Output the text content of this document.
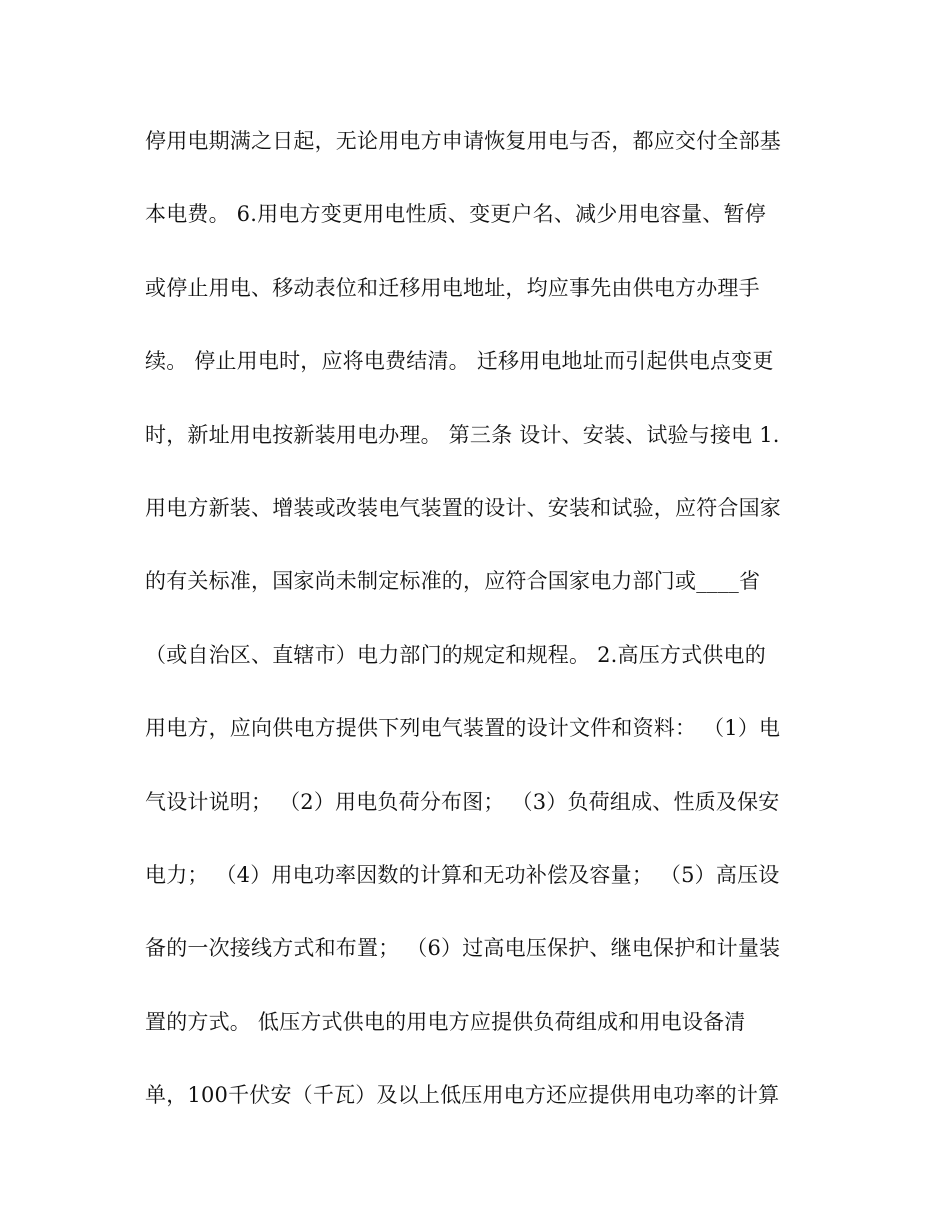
停用电期满之日起，无论用电方申请恢复用电与否，都应交付全部基
本电费。 6.用电方变更用电性质、变更户名、减少用电容量、暂停
或停止用电、移动表位和迁移用电地址，均应事先由供电方办理手
续。 停止用电时，应将电费结清。 迁移用电地址而引起供电点变更
时，新址用电按新装用电办理。 第三条 设计、安装、试验与接电 1.
用电方新装、增装或改装电气装置的设计、安装和试验，应符合国家
的有关标准，国家尚未制定标准的，应符合国家电力部门或____省
（或自治区、直辖市）电力部门的规定和规程。 2.高压方式供电的
用电方，应向供电方提供下列电气装置的设计文件和资料： （1）电
气设计说明； （2）用电负荷分布图； （3）负荷组成、性质及保安
电力； （4）用电功率因数的计算和无功补偿及容量； （5）高压设
备的一次接线方式和布置； （6）过高电压保护、继电保护和计量装
置的方式。 低压方式供电的用电方应提供负荷组成和用电设备清
单，100千伏安（千瓦）及以上低压用电方还应提供用电功率的计算
